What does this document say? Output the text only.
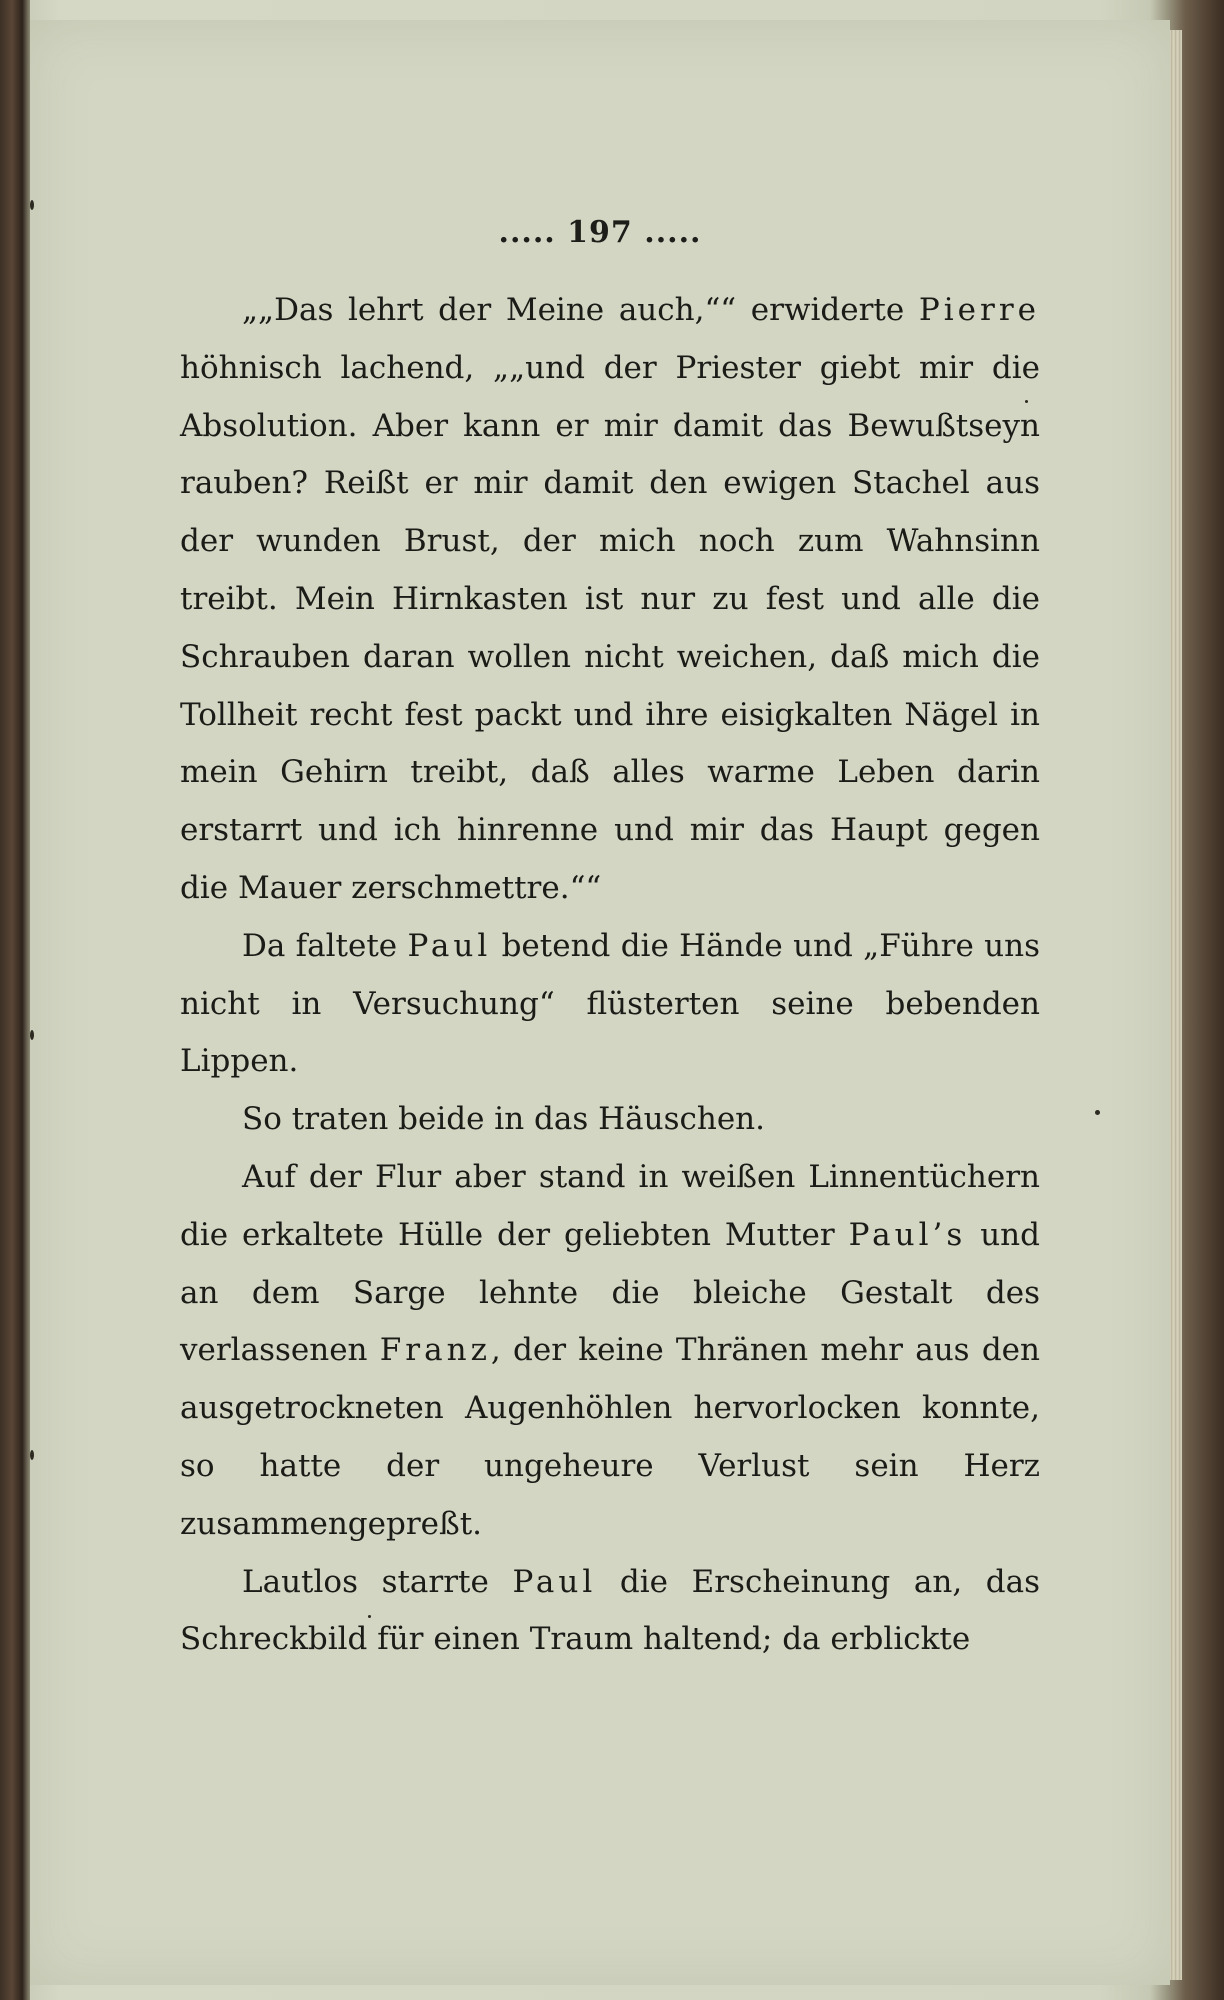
..... 197 .....

„„Das lehrt der Meine auch,““ erwiderte Pierre höhnisch lachend, „„und der Priester giebt mir die Absolution. Aber kann er mir damit das Bewußtseyn rauben? Reißt er mir damit den ewigen Stachel aus der wunden Brust, der mich noch zum Wahnsinn treibt. Mein Hirnkasten ist nur zu fest und alle die Schrauben daran wollen nicht weichen, daß mich die Tollheit recht fest packt und ihre eisigkalten Nägel in mein Gehirn treibt, daß alles warme Leben darin erstarrt und ich hinrenne und mir das Haupt gegen die Mauer zerschmettre.““

Da faltete Paul betend die Hände und „Führe uns nicht in Versuchung“ flüsterten seine bebenden Lippen.

So traten beide in das Häuschen.

Auf der Flur aber stand in weißen Linnentüchern die erkaltete Hülle der geliebten Mutter Paul’s und an dem Sarge lehnte die bleiche Gestalt des verlassenen Franz, der keine Thränen mehr aus den ausgetrockneten Augenhöhlen hervorlocken konnte, so hatte der ungeheure Verlust sein Herz zusammengepreßt.

Lautlos starrte Paul die Erscheinung an, das Schreckbild für einen Traum haltend; da erblickte
